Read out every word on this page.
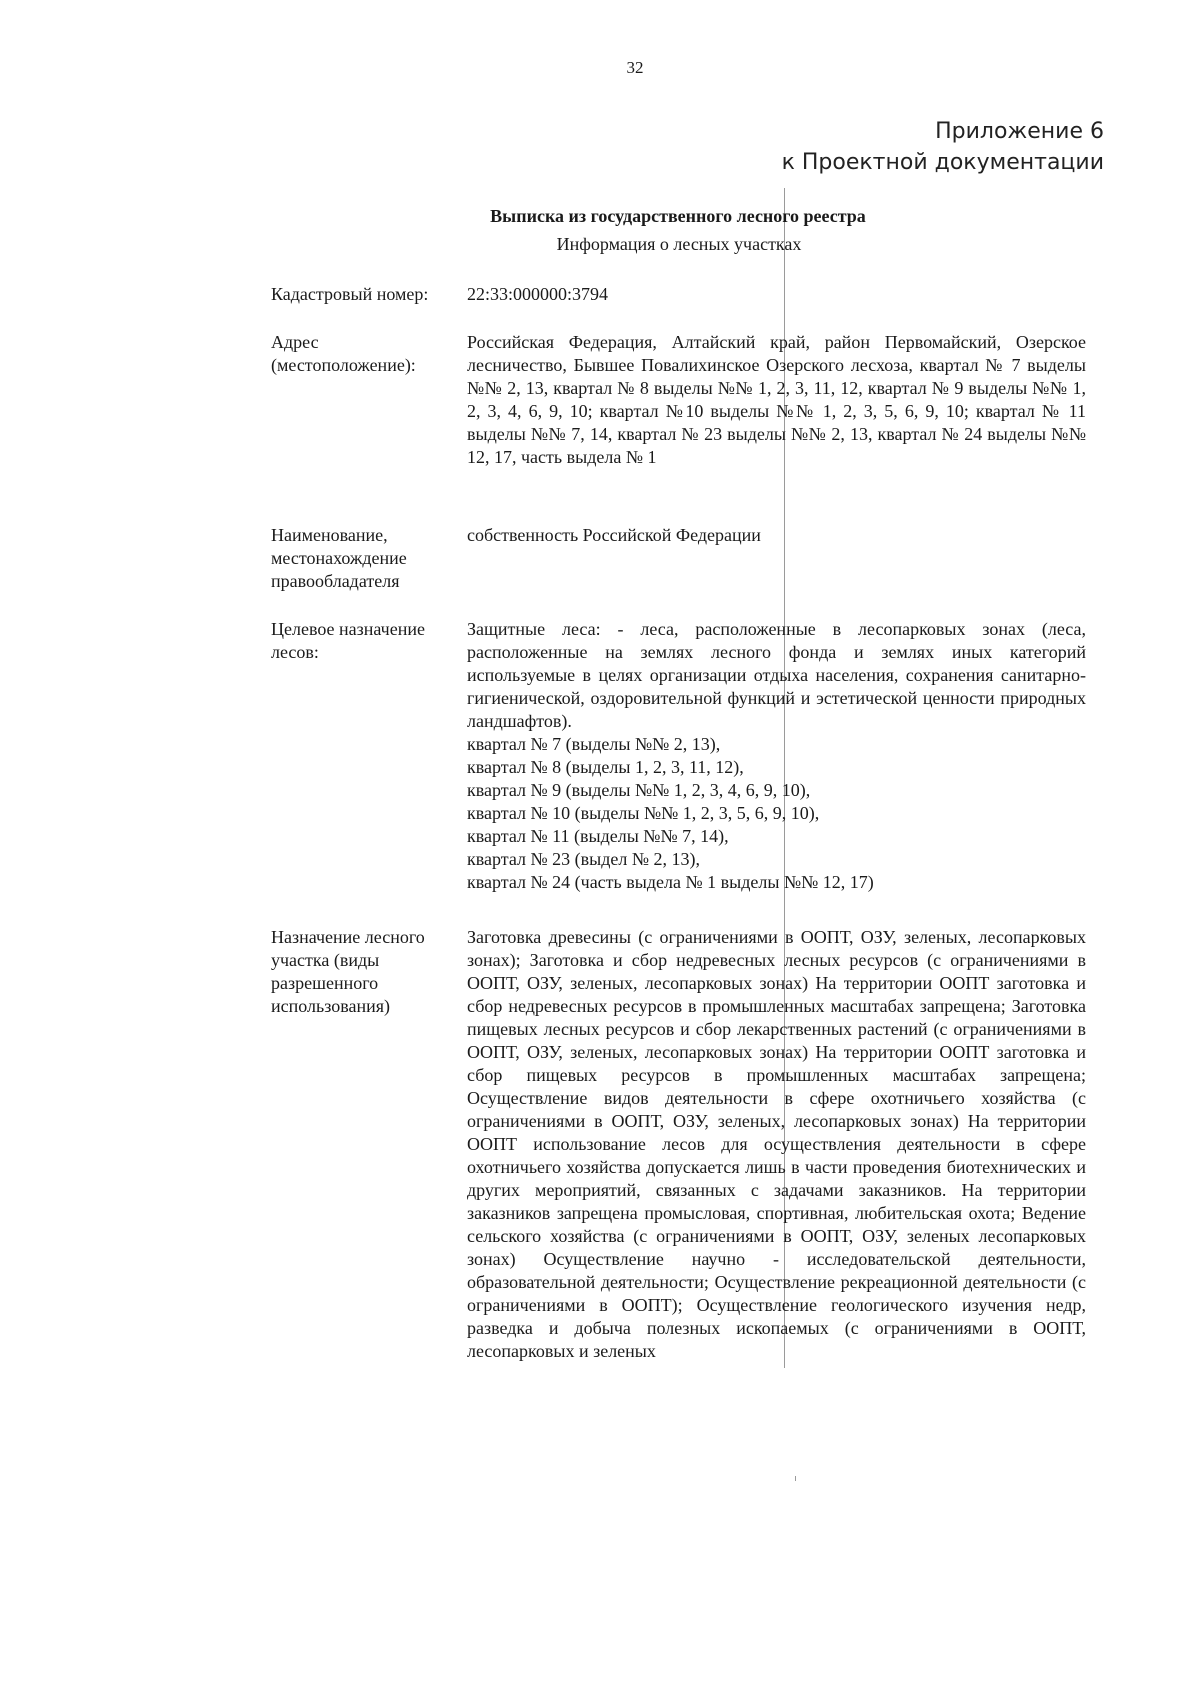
32
Приложение 6
к Проектной документации
Выписка из государственного лесного реестра
Информация о лесных участках
Кадастровый номер:	22:33:000000:3794
Адрес (местоположение):
Российская Федерация, Алтайский край, район Первомайский, Озерское лесничество, Бывшее Повалихинское Озерского лесхоза, квартал № 7 выделы №№ 2, 13, квартал № 8 выделы №№ 1, 2, 3, 11, 12, квартал № 9 выделы №№ 1, 2, 3, 4, 6, 9, 10; квартал №10 выделы №№ 1, 2, 3, 5, 6, 9, 10; квартал № 11 выделы №№ 7, 14, квартал № 23 выделы №№ 2, 13, квартал № 24 выделы №№ 12, 17, часть выдела № 1
Наименование, местонахождение правообладателя
собственность Российской Федерации
Целевое назначение лесов:

Защитные леса: - леса, расположенные в лесопарковых зонах (леса, расположенные на землях лесного фонда и землях иных категорий используемые в целях организации отдыха населения, сохранения санитарно-гигиенической, оздоровительной функций и эстетической ценности природных ландшафтов).

квартал № 7 (выделы №№ 2, 13),
квартал № 8 (выделы 1, 2, 3, 11, 12),
квартал № 9 (выделы №№ 1, 2, 3, 4, 6, 9, 10),
квартал № 10 (выделы №№ 1, 2, 3, 5, 6, 9, 10),
квартал № 11 (выделы №№ 7, 14),
квартал № 23 (выдел № 2, 13),
квартал № 24 (часть выдела № 1 выделы №№ 12, 17)
Назначение лесного участка (виды разрешенного использования)
Заготовка древесины (с ограничениями в ООПТ, ОЗУ, зеленых, лесопарковых зонах); Заготовка и сбор недревесных лесных ресурсов (с ограничениями в ООПТ, ОЗУ, зеленых, лесопарковых зонах) На территории ООПТ заготовка и сбор недревесных ресурсов в промышленных масштабах запрещена; Заготовка пищевых лесных ресурсов и сбор лекарственных растений (с ограничениями в ООПТ, ОЗУ, зеленых, лесопарковых зонах) На территории ООПТ заготовка и сбор пищевых ресурсов в промышленных масштабах запрещена; Осуществление видов деятельности в сфере охотничьего хозяйства (с ограничениями в ООПТ, ОЗУ, зеленых, лесопарковых зонах) На территории ООПТ использование лесов для осуществления деятельности в сфере охотничьего хозяйства допускается лишь в части проведения биотехнических и других мероприятий, связанных с задачами заказников. На территории заказников запрещена промысловая, спортивная, любительская охота; Ведение сельского хозяйства (с ограничениями в ООПТ, ОЗУ, зеленых лесопарковых зонах) Осуществление научно - исследовательской деятельности, образовательной деятельности; Осуществление рекреационной деятельности (с ограничениями в ООПТ); Осуществление геологического изучения недр, разведка и добыча полезных ископаемых (с ограничениями в ООПТ, лесопарковых и зеленых
